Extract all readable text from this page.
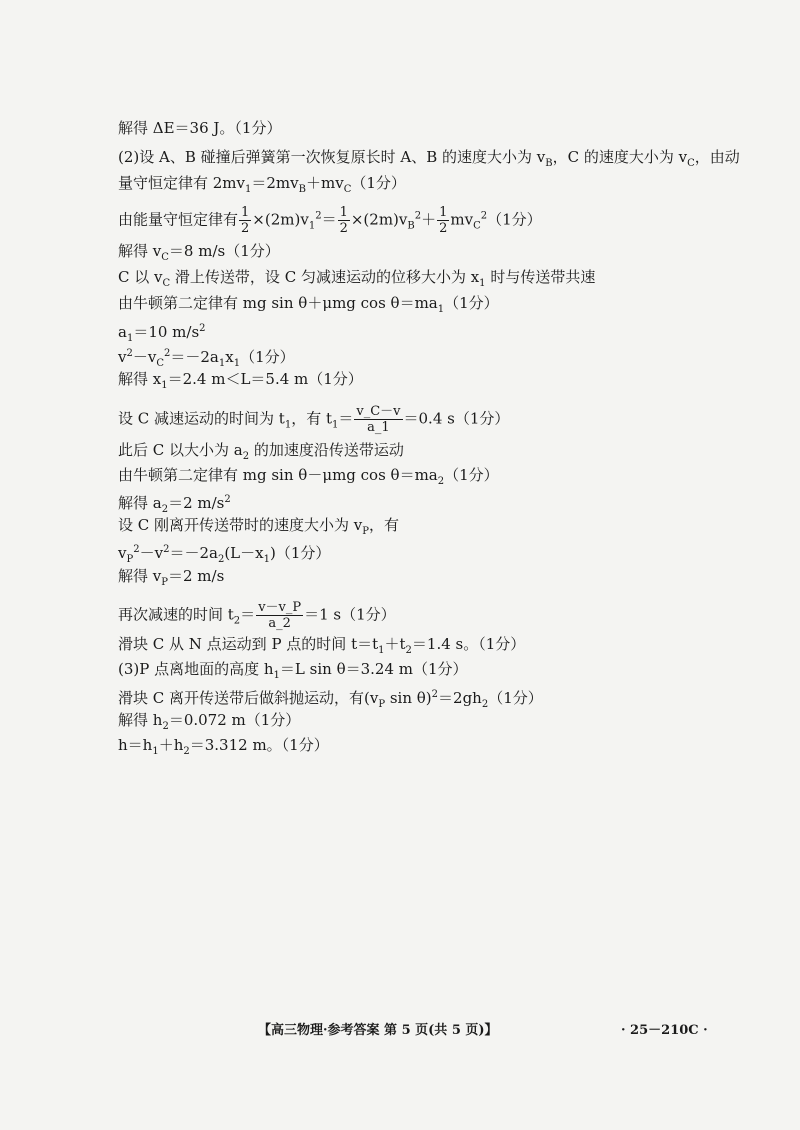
解得 ΔE＝36 J。（1分）
(2)设 A、B 碰撞后弹簧第一次恢复原长时 A、B 的速度大小为 $v_B$，C 的速度大小为 $v_C$，由动
量守恒定律有 $2mv_1=2mv_B+mv_C(1$分）
由能量守恒定律有 $\frac{1}{2} \times(2m)v_1^2= \frac{1}{2} \times(2m)v_B^2+ \frac{1}{2} mv_C^2(1$分）
解得 $v_C=8$ m/s（1分）
C 以 $v_C$ 滑上传送带，设 C 匀减速运动的位移大小为 $x_1$ 时与传送带共速
由牛顿第二定律有 mg sin θ＋μmg $\cos \theta=ma_1(1$分）
$a_1=10$ $m/s^2$
$v^2-v_C^2=-2a_1x_1(1$分）
解得 $x_1=2.4$ m＜L＝5.4 m（1分）
设 C 减速运动的时间为 $t_1$，有 $t_1= \frac{v\_C-v}{a\_1} =0.4$ s（1分）
此后 C 以大小为 $a_2$ 的加速度沿传送带运动
由牛顿第二定律有 mg sin θ－μmg $\cos \theta=ma_2(1$分）
解得 $a_2=2$ $m/s^2$
设 C 刚离开传送带时的速度大小为 $v_P$，有
$v_P^2-v^2=-2a_2(L-x_1)(1$分）
解得 $v_P=2$ m/s
再次减速的时间 $t_2= \frac{v-v\_P}{a\_2} =1$ s（1分）
滑块 C 从 N 点运动到 P 点的时间 $t=t_1+t_2=1.4$ s。（1分）
(3)P 点离地面的高度 $h_1=L$ sin θ＝3.24 m（1分）
滑块 C 离开传送带后做斜抛运动，有($v_P$ $\sin \theta)^2=2gh_2(1$分）
解得 $h_2=0.072$ m（1分）
$h=h_1+h_2=3.312$ m。（1分）
【高三物理·参考答案 第 5 页(共 5 页)】	· 25－210C ·
